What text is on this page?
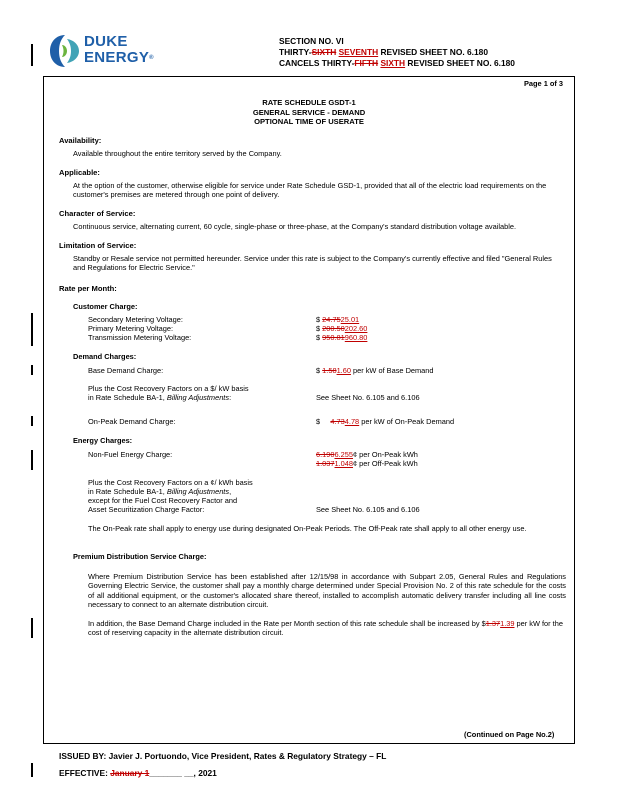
DUKE
ENERGY®
SECTION NO. VI
THIRTY-SIXTH SEVENTH REVISED SHEET NO. 6.180
CANCELS THIRTY-FIFTH SIXTH REVISED SHEET NO. 6.180
Page 1 of 3
RATE SCHEDULE GSDT-1
GENERAL SERVICE - DEMAND
OPTIONAL TIME OF USERATE
Availability:
Available throughout the entire territory served by the Company.
Applicable:
At the option of the customer, otherwise eligible for service under Rate Schedule GSD-1, provided that all of the electric load requirements on the customer's premises are metered through one point of delivery.
Character of Service:
Continuous service, alternating current, 60 cycle, single-phase or three-phase, at the Company's standard distribution voltage available.
Limitation of Service:
Standby or Resale service not permitted hereunder. Service under this rate is subject to the Company's currently effective and filed "General Rules and Regulations for Electric Service."
Rate per Month:
Customer Charge:
Secondary Metering Voltage:	$ 24.7525.01
Primary Metering Voltage:	$ 200.50202.60
Transmission Metering Voltage:	$ 950.81960.80
Demand Charges:
Base Demand Charge:	$ 1.581.60 per kW of Base Demand
Plus the Cost Recovery Factors on a $/ kW basis
in Rate Schedule BA-1, Billing Adjustments:	See Sheet No. 6.105 and 6.106
On-Peak Demand Charge:	$     4.734.78 per kW of On-Peak Demand
Energy Charges:
Non-Fuel Energy Charge:	6.1906.255¢ per On-Peak kWh
1.0371.048¢ per Off-Peak kWh
Plus the Cost Recovery Factors on a ¢/ kWh basis
in Rate Schedule BA-1, Billing Adjustments,
except for the Fuel Cost Recovery Factor and
Asset Securitization Charge Factor:	See Sheet No. 6.105 and 6.106
The On-Peak rate shall apply to energy use during designated On-Peak Periods. The Off-Peak rate shall apply to all other energy use.
Premium Distribution Service Charge:
Where Premium Distribution Service has been established after 12/15/98 in accordance with Subpart 2.05, General Rules and Regulations Governing Electric Service, the customer shall pay a monthly charge determined under Special Provision No. 2 of this rate schedule for the costs of all additional equipment, or the customer's allocated share thereof, installed to accomplish automatic delivery transfer including all line costs necessary to connect to an alternate distribution circuit.
In addition, the Base Demand Charge included in the Rate per Month section of this rate schedule shall be increased by $1.371.39 per kW for the cost of reserving capacity in the alternate distribution circuit.
(Continued on Page No.2)
ISSUED BY: Javier J. Portuondo, Vice President, Rates & Regulatory Strategy – FL
EFFECTIVE: January 1_______ __, 2021
